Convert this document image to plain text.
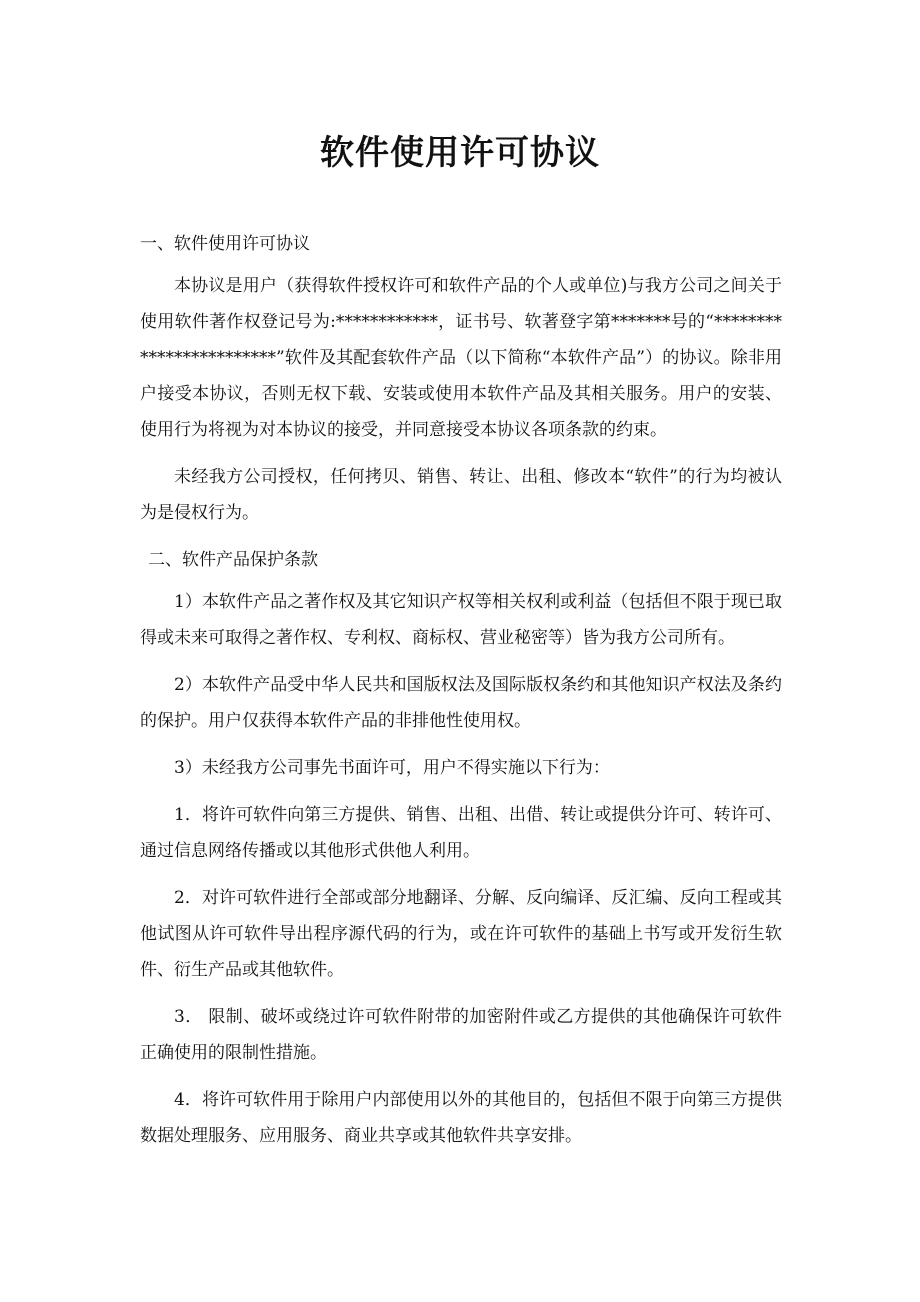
软件使用许可协议

一、软件使用许可协议

本协议是用户（获得软件授权许可和软件产品的个人或单位)与我方公司之间关于使用软件著作权登记号为:************，证书号、软著登字第*******号的“************************”软件及其配套软件产品（以下简称“本软件产品”）的协议。除非用户接受本协议，否则无权下载、安装或使用本软件产品及其相关服务。用户的安装、使用行为将视为对本协议的接受，并同意接受本协议各项条款的约束。

未经我方公司授权，任何拷贝、销售、转让、出租、修改本“软件”的行为均被认为是侵权行为。

二、软件产品保护条款

1）本软件产品之著作权及其它知识产权等相关权利或利益（包括但不限于现已取得或未来可取得之著作权、专利权、商标权、营业秘密等）皆为我方公司所有。

2）本软件产品受中华人民共和国版权法及国际版权条约和其他知识产权法及条约的保护。用户仅获得本软件产品的非排他性使用权。

3）未经我方公司事先书面许可，用户不得实施以下行为：

1．将许可软件向第三方提供、销售、出租、出借、转让或提供分许可、转许可、通过信息网络传播或以其他形式供他人利用。

2．对许可软件进行全部或部分地翻译、分解、反向编译、反汇编、反向工程或其他试图从许可软件导出程序源代码的行为，或在许可软件的基础上书写或开发衍生软件、衍生产品或其他软件。

3． 限制、破坏或绕过许可软件附带的加密附件或乙方提供的其他确保许可软件正确使用的限制性措施。

4．将许可软件用于除用户内部使用以外的其他目的，包括但不限于向第三方提供数据处理服务、应用服务、商业共享或其他软件共享安排。
